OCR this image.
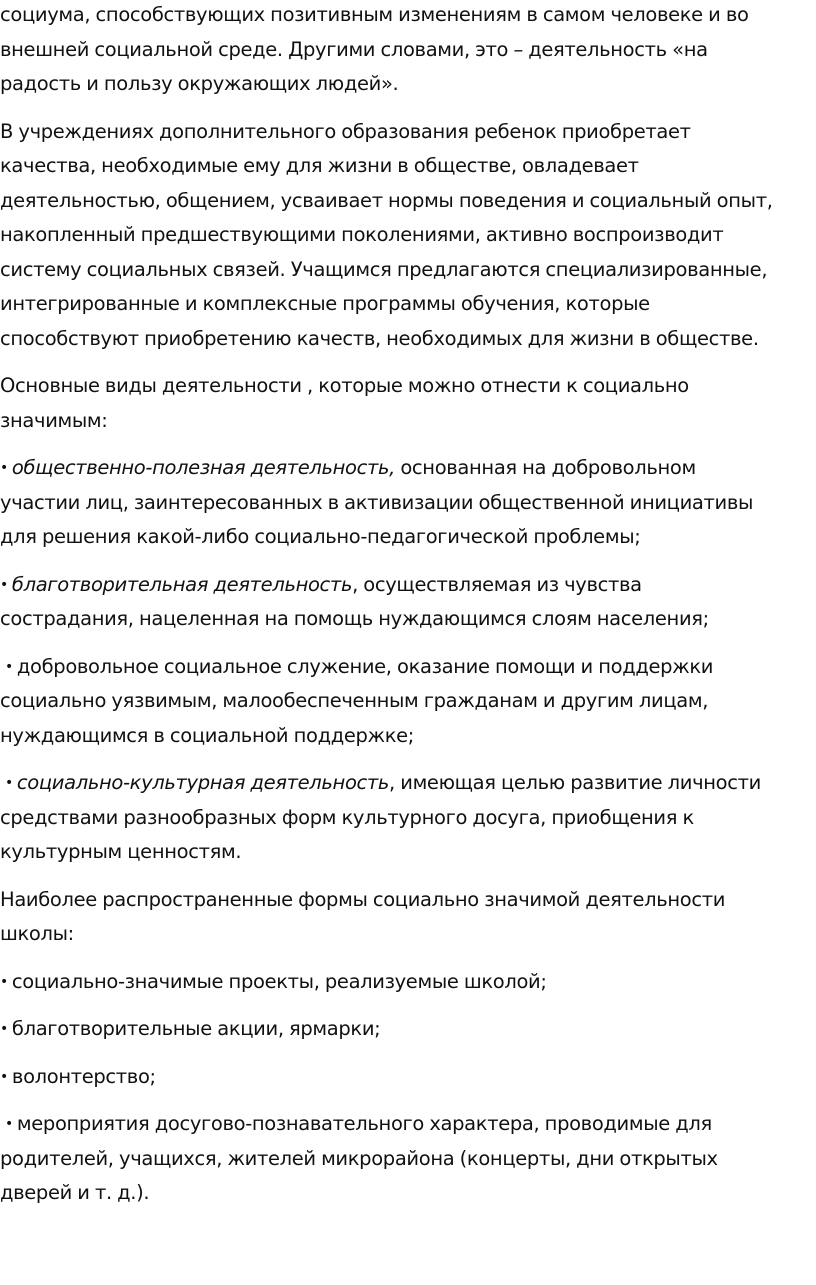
социума, способствующих позитивным изменениям в самом человеке и во
внешней социальной среде. Другими словами, это – деятельность «на
радость и пользу окружающих людей».
В учреждениях дополнительного образования ребенок приобретает
качества, необходимые ему для жизни в обществе, овладевает
деятельностью, общением, усваивает нормы поведения и социальный опыт,
накопленный предшествующими поколениями, активно воспроизводит
систему социальных связей. Учащимся предлагаются специализированные,
интегрированные и комплексные программы обучения, которые
способствуют приобретению качеств, необходимых для жизни в обществе.
Основные виды деятельности , которые можно отнести к социально
значимым:
• общественно-полезная деятельность, основанная на добровольном
участии лиц, заинтересованных в активизации общественной инициативы
для решения какой-либо социально-педагогической проблемы;
• благотворительная деятельность, осуществляемая из чувства
сострадания, нацеленная на помощь нуждающимся слоям населения;
• добровольное социальное служение, оказание помощи и поддержки
социально уязвимым, малообеспеченным гражданам и другим лицам,
нуждающимся в социальной поддержке;
• социально-культурная деятельность, имеющая целью развитие личности
средствами разнообразных форм культурного досуга, приобщения к
культурным ценностям.
Наиболее распространенные формы социально значимой деятельности
школы:
• социально-значимые проекты, реализуемые школой;
• благотворительные акции, ярмарки;
• волонтерство;
• мероприятия досугово-познавательного характера, проводимые для
родителей, учащихся, жителей микрорайона (концерты, дни открытых
дверей и т. д.).
